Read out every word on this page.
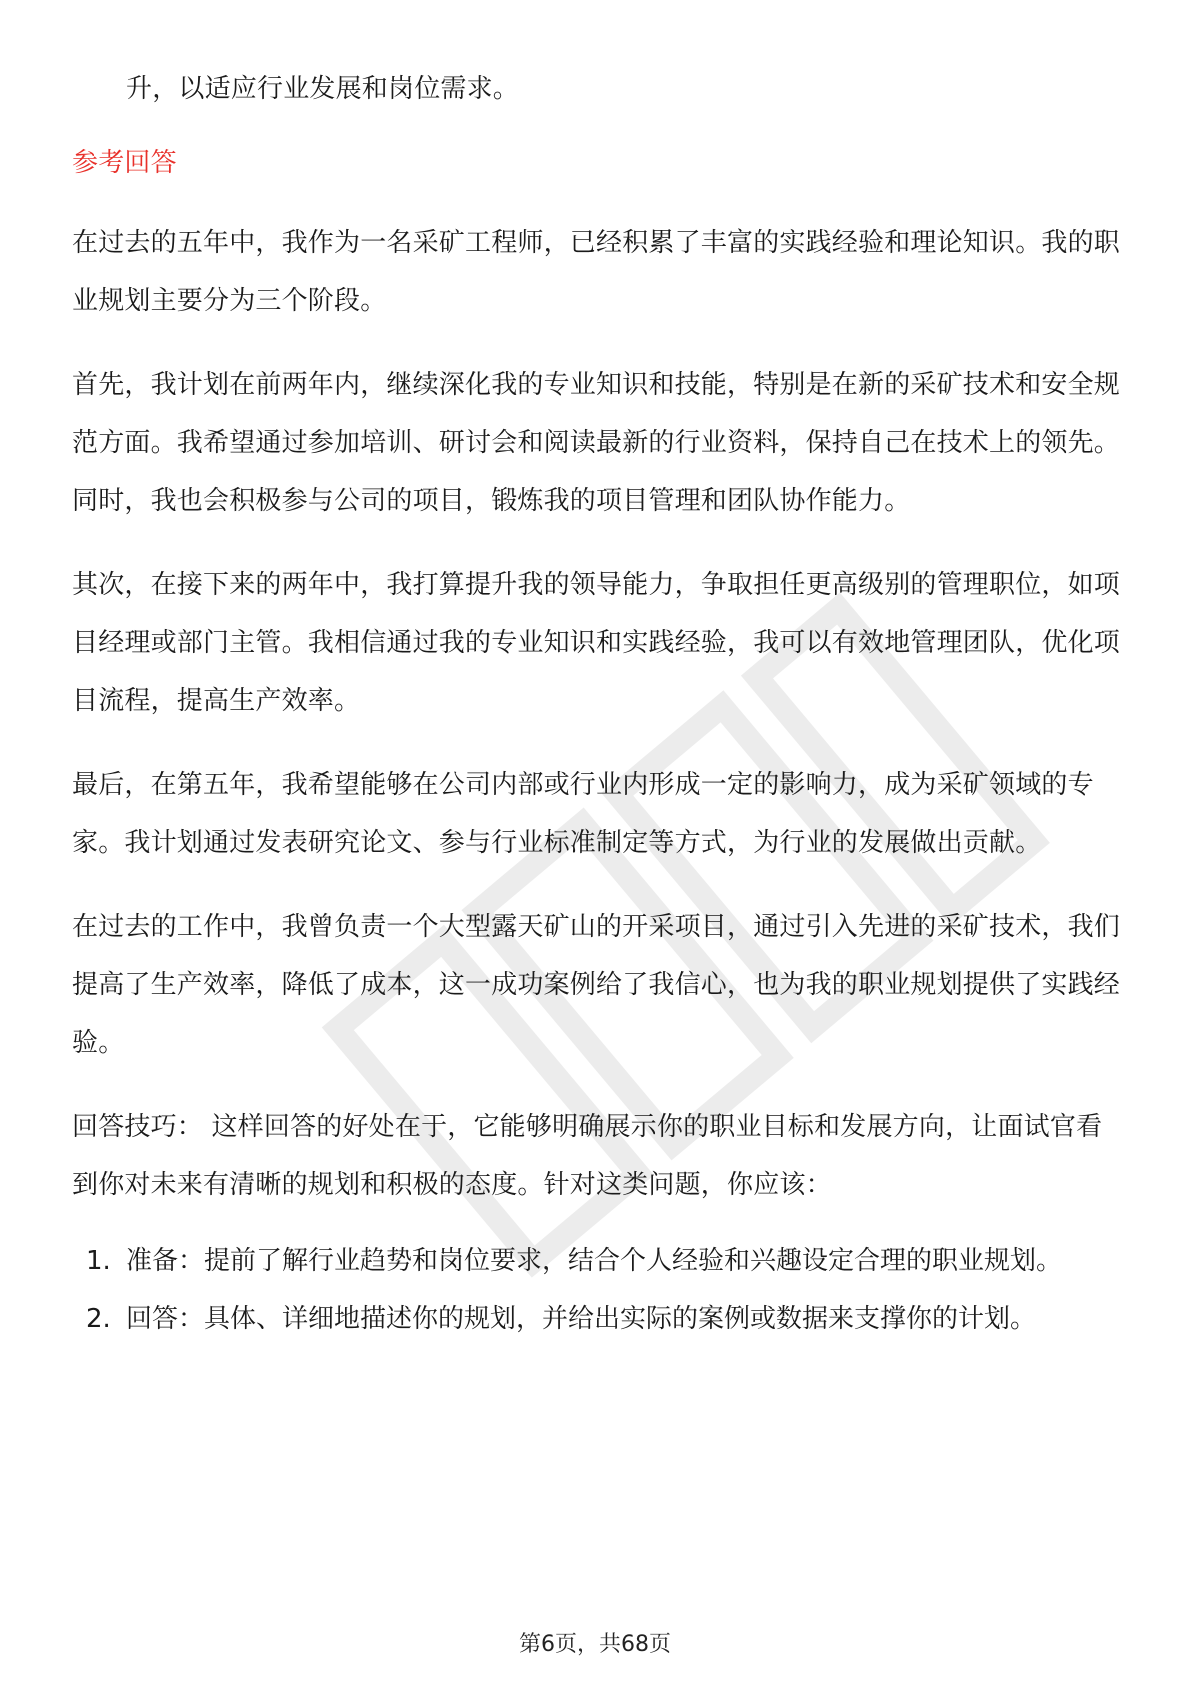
升，以适应行业发展和岗位需求。

参考回答

在过去的五年中，我作为一名采矿工程师，已经积累了丰富的实践经验和理论知识。我的职业规划主要分为三个阶段。

首先，我计划在前两年内，继续深化我的专业知识和技能，特别是在新的采矿技术和安全规范方面。我希望通过参加培训、研讨会和阅读最新的行业资料，保持自己在技术上的领先。同时，我也会积极参与公司的项目，锻炼我的项目管理和团队协作能力。

其次，在接下来的两年中，我打算提升我的领导能力，争取担任更高级别的管理职位，如项目经理或部门主管。我相信通过我的专业知识和实践经验，我可以有效地管理团队，优化项目流程，提高生产效率。

最后，在第五年，我希望能够在公司内部或行业内形成一定的影响力，成为采矿领域的专家。我计划通过发表研究论文、参与行业标准制定等方式，为行业的发展做出贡献。

在过去的工作中，我曾负责一个大型露天矿山的开采项目，通过引入先进的采矿技术，我们提高了生产效率，降低了成本，这一成功案例给了我信心，也为我的职业规划提供了实践经验。

回答技巧： 这样回答的好处在于，它能够明确展示你的职业目标和发展方向，让面试官看到你对未来有清晰的规划和积极的态度。针对这类问题，你应该：

1. 准备：提前了解行业趋势和岗位要求，结合个人经验和兴趣设定合理的职业规划。
2. 回答：具体、详细地描述你的规划，并给出实际的案例或数据来支撑你的计划。
第6页，共68页
